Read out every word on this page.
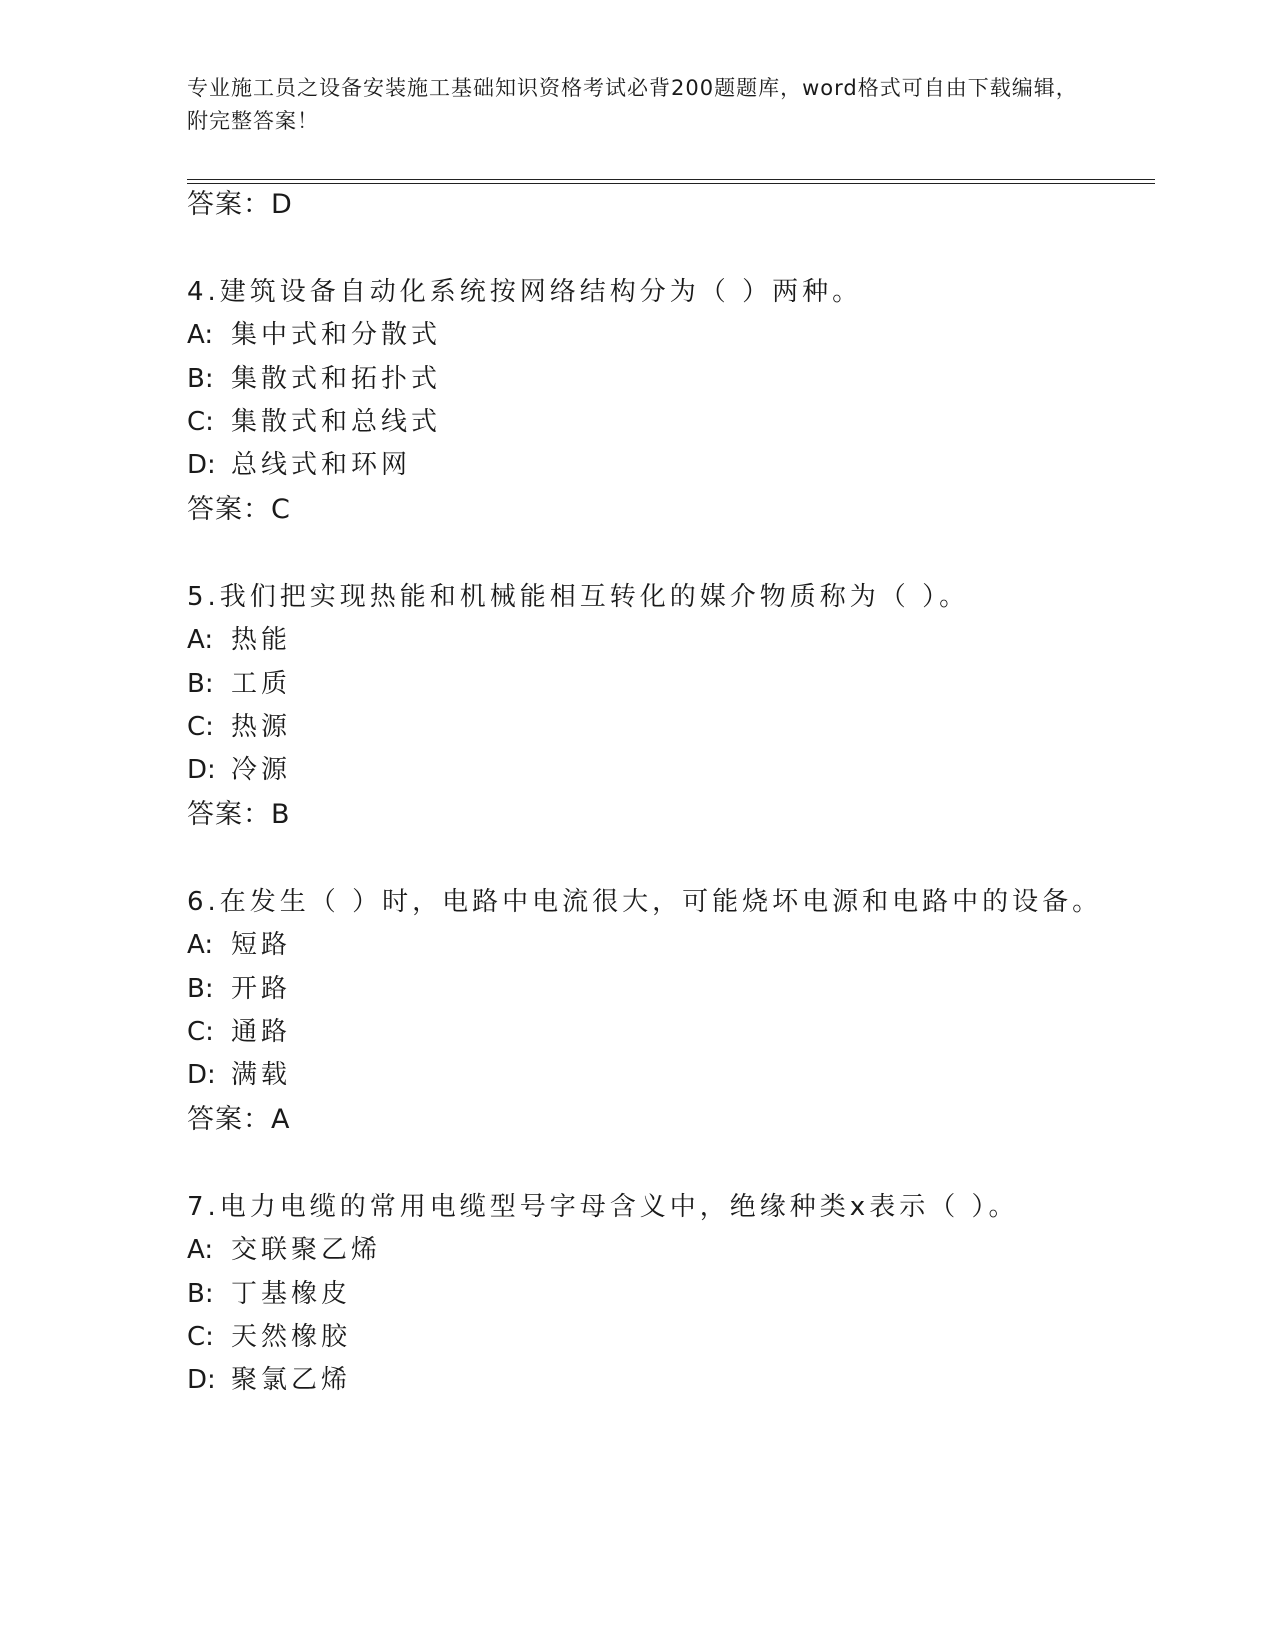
专业施工员之设备安装施工基础知识资格考试必背200题题库，word格式可自由下载编辑，附完整答案！
答案：D
4.建筑设备自动化系统按网络结构分为（ ）两种。
A: 集中式和分散式
B: 集散式和拓扑式
C: 集散式和总线式
D: 总线式和环网
答案：C
5.我们把实现热能和机械能相互转化的媒介物质称为（ ）。
A: 热能
B: 工质
C: 热源
D: 冷源
答案：B
6.在发生（ ）时，电路中电流很大，可能烧坏电源和电路中的设备。
A: 短路
B: 开路
C: 通路
D: 满载
答案：A
7.电力电缆的常用电缆型号字母含义中，绝缘种类x表示（ ）。
A: 交联聚乙烯
B: 丁基橡皮
C: 天然橡胶
D: 聚氯乙烯
